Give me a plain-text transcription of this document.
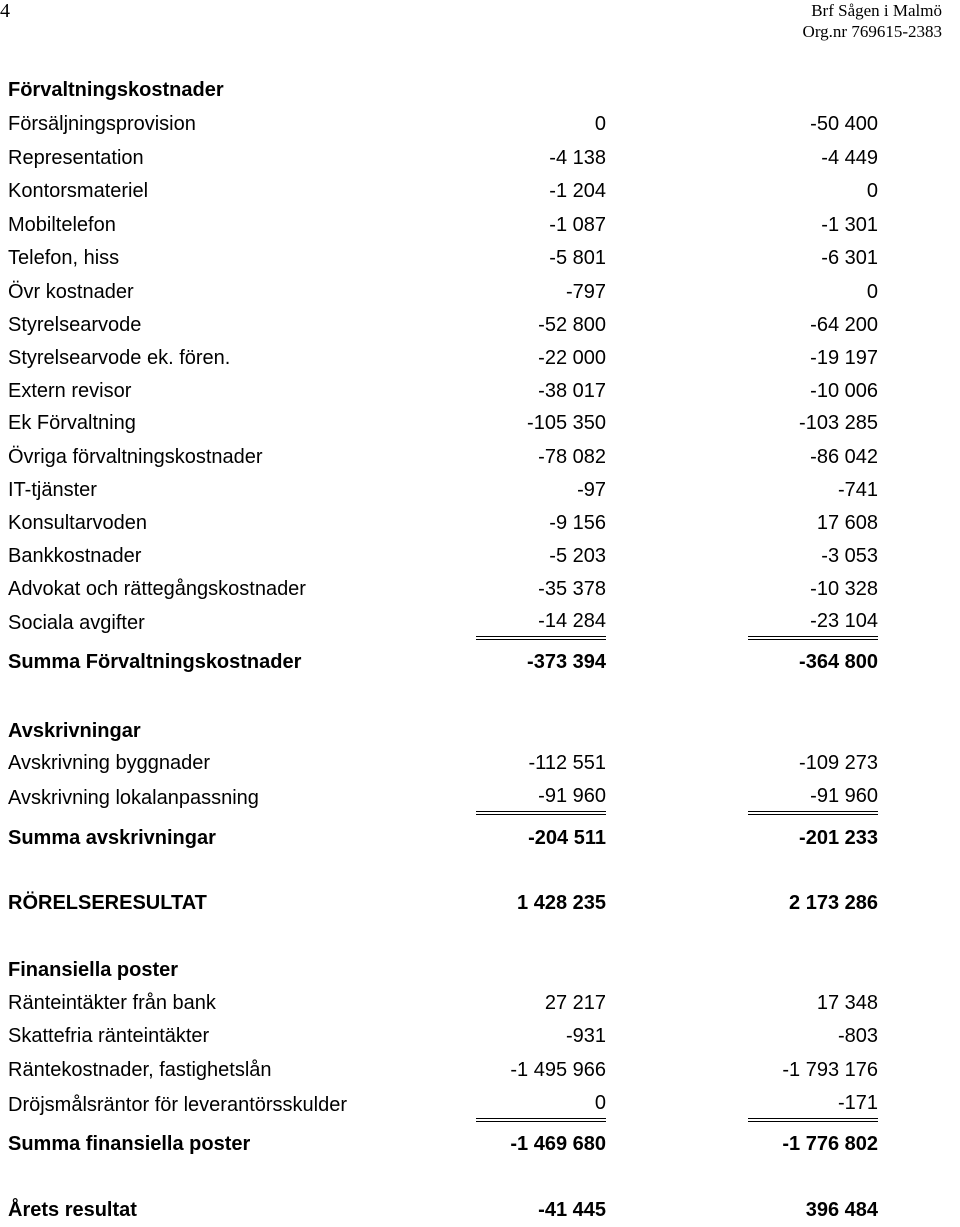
4	Brf Sågen i Malmö
Org.nr 769615-2383
Förvaltningskostnader
Försäljningsprovision	0	-50 400
Representation	-4 138	-4 449
Kontorsmateriel	-1 204	0
Mobiltelefon	-1 087	-1 301
Telefon, hiss	-5 801	-6 301
Övr kostnader	-797	0
Styrelsearvode	-52 800	-64 200
Styrelsearvode ek. fören.	-22 000	-19 197
Extern revisor	-38 017	-10 006
Ek Förvaltning	-105 350	-103 285
Övriga förvaltningskostnader	-78 082	-86 042
IT-tjänster	-97	-741
Konsultarvoden	-9 156	17 608
Bankkostnader	-5 203	-3 053
Advokat och rättegångskostnader	-35 378	-10 328
Sociala avgifter	-14 284	-23 104
Summa Förvaltningskostnader	-373 394	-364 800
Avskrivningar
Avskrivning byggnader	-112 551	-109 273
Avskrivning lokalanpassning	-91 960	-91 960
Summa avskrivningar	-204 511	-201 233
RÖRELSERESULTAT	1 428 235	2 173 286
Finansiella poster
Ränteintäkter från bank	27 217	17 348
Skattefria ränteintäkter	-931	-803
Räntekostnader, fastighetslån	-1 495 966	-1 793 176
Dröjsmålsräntor för leverantörsskulder	0	-171
Summa finansiella poster	-1 469 680	-1 776 802
Årets resultat	-41 445	396 484
